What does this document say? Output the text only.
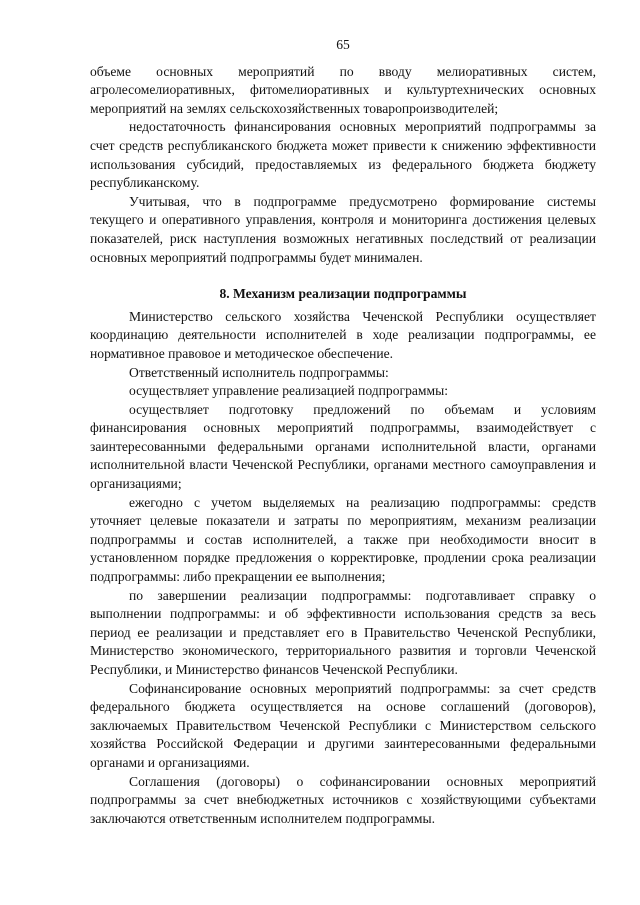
65

объеме основных мероприятий по вводу мелиоративных систем, агролесомелиоративных, фитомелиоративных и культуртехнических основных мероприятий на землях сельскохозяйственных товаропроизводителей;

недостаточность финансирования основных мероприятий подпрограммы за счет средств республиканского бюджета может привести к снижению эффективности использования субсидий, предоставляемых из федерального бюджета бюджету республиканскому.

Учитывая, что в подпрограмме предусмотрено формирование системы текущего и оперативного управления, контроля и мониторинга достижения целевых показателей, риск наступления возможных негативных последствий от реализации основных мероприятий подпрограммы будет минимален.

8. Механизм реализации подпрограммы

Министерство сельского хозяйства Чеченской Республики осуществляет координацию деятельности исполнителей в ходе реализации подпрограммы, ее нормативное правовое и методическое обеспечение.

Ответственный исполнитель подпрограммы:

осуществляет управление реализацией подпрограммы:

осуществляет подготовку предложений по объемам и условиям финансирования основных мероприятий подпрограммы, взаимодействует с заинтересованными федеральными органами исполнительной власти, органами исполнительной власти Чеченской Республики, органами местного самоуправления и организациями;

ежегодно с учетом выделяемых на реализацию подпрограммы: средств уточняет целевые показатели и затраты по мероприятиям, механизм реализации подпрограммы и состав исполнителей, а также при необходимости вносит в установленном порядке предложения о корректировке, продлении срока реализации подпрограммы: либо прекращении ее выполнения;

по завершении реализации подпрограммы: подготавливает справку о выполнении подпрограммы: и об эффективности использования средств за весь период ее реализации и представляет его в Правительство Чеченской Республики, Министерство экономического, территориального развития и торговли Чеченской Республики, и Министерство финансов Чеченской Республики.

Софинансирование основных мероприятий подпрограммы: за счет средств федерального бюджета осуществляется на основе соглашений (договоров), заключаемых Правительством Чеченской Республики с Министерством сельского хозяйства Российской Федерации и другими заинтересованными федеральными органами и организациями.

Соглашения (договоры) о софинансировании основных мероприятий подпрограммы за счет внебюджетных источников с хозяйствующими субъектами заключаются ответственным исполнителем подпрограммы.
